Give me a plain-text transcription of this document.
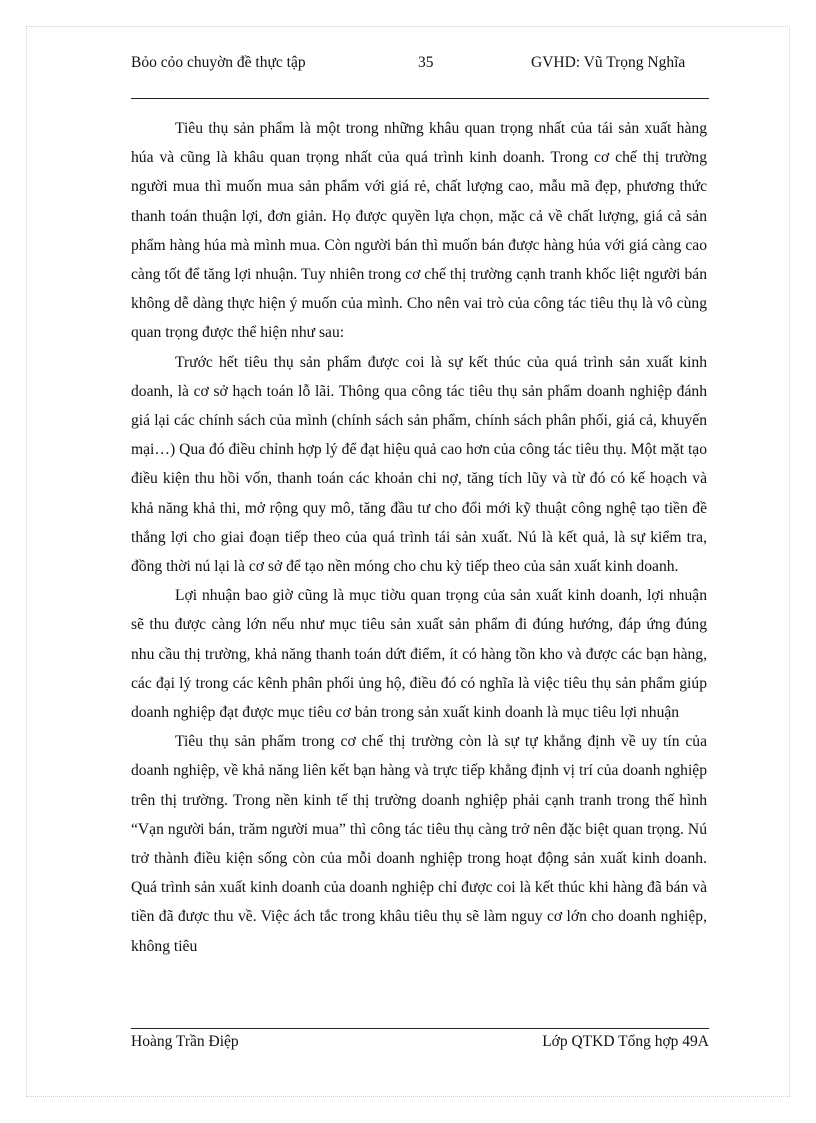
Bỏo cỏo chuyờn đề thực tập	35	GVHD: Vũ Trọng Nghĩa

Tiêu thụ sản phẩm là một trong những khâu quan trọng nhất của tái sản xuất hàng húa và cũng là khâu quan trọng nhất của quá trình kinh doanh. Trong cơ chế thị trường người mua thì muốn mua sản phẩm với giá rẻ, chất lượng cao, mẫu mã đẹp, phương thức thanh toán thuận lợi, đơn giản. Họ được quyền lựa chọn, mặc cả về chất lượng, giá cả sản phẩm hàng húa mà mình mua. Còn người bán thì muốn bán được hàng húa với giá càng cao càng tốt để tăng lợi nhuận. Tuy nhiên trong cơ chế thị trường cạnh tranh khốc liệt người bán không dễ dàng thực hiện ý muốn của mình. Cho nên vai trò của công tác tiêu thụ là vô cùng quan trọng được thể hiện như sau:

Trước hết tiêu thụ sản phẩm được coi là sự kết thúc của quá trình sản xuất kinh doanh, là cơ sở hạch toán lỗ lãi. Thông qua công tác tiêu thụ sản phẩm doanh nghiệp đánh giá lại các chính sách của mình (chính sách sản phẩm, chính sách phân phối, giá cả, khuyến mại…) Qua đó điều chỉnh hợp lý để đạt hiệu quả cao hơn của công tác tiêu thụ. Một mặt tạo điều kiện thu hồi vốn, thanh toán các khoản chi nợ, tăng tích lũy và từ đó có kế hoạch và khả năng khả thi, mở rộng quy mô, tăng đầu tư cho đổi mới kỹ thuật công nghệ tạo tiền đề thắng lợi cho giai đoạn tiếp theo của quá trình tái sản xuất. Nú là kết quả, là sự kiểm tra, đồng thời nú lại là cơ sở để tạo nền móng cho chu kỳ tiếp theo của sản xuất kinh doanh.

Lợi nhuận bao giờ cũng là mục tiờu quan trọng của sản xuất kinh doanh, lợi nhuận sẽ thu được càng lớn nếu như mục tiêu sản xuất sản phẩm đi đúng hướng, đáp ứng đúng nhu cầu thị trường, khả năng thanh toán dứt điểm, ít có hàng tồn kho và được các bạn hàng, các đại lý trong các kênh phân phối ủng hộ, điều đó có nghĩa là việc tiêu thụ sản phẩm giúp doanh nghiệp đạt được mục tiêu cơ bản trong sản xuất kinh doanh là mục tiêu lợi nhuận

Tiêu thụ sản phẩm trong cơ chế thị trường còn là sự tự khẳng định về uy tín của doanh nghiệp, về khả năng liên kết bạn hàng và trực tiếp khẳng định vị trí của doanh nghiệp trên thị trường. Trong nền kinh tế thị trường doanh nghiệp phải cạnh tranh trong thế hình “Vạn người bán, trăm người mua” thì công tác tiêu thụ càng trở nên đặc biệt quan trọng. Nú trở thành điều kiện sống còn của mỗi doanh nghiệp trong hoạt động sản xuất kinh doanh. Quá trình sản xuất kinh doanh của doanh nghiệp chỉ được coi là kết thúc khi hàng đã bán và tiền đã được thu về. Việc ách tắc trong khâu tiêu thụ sẽ làm nguy cơ lớn cho doanh nghiệp, không tiêu

Hoàng Trần Điệp	Lớp QTKD Tổng hợp 49A
